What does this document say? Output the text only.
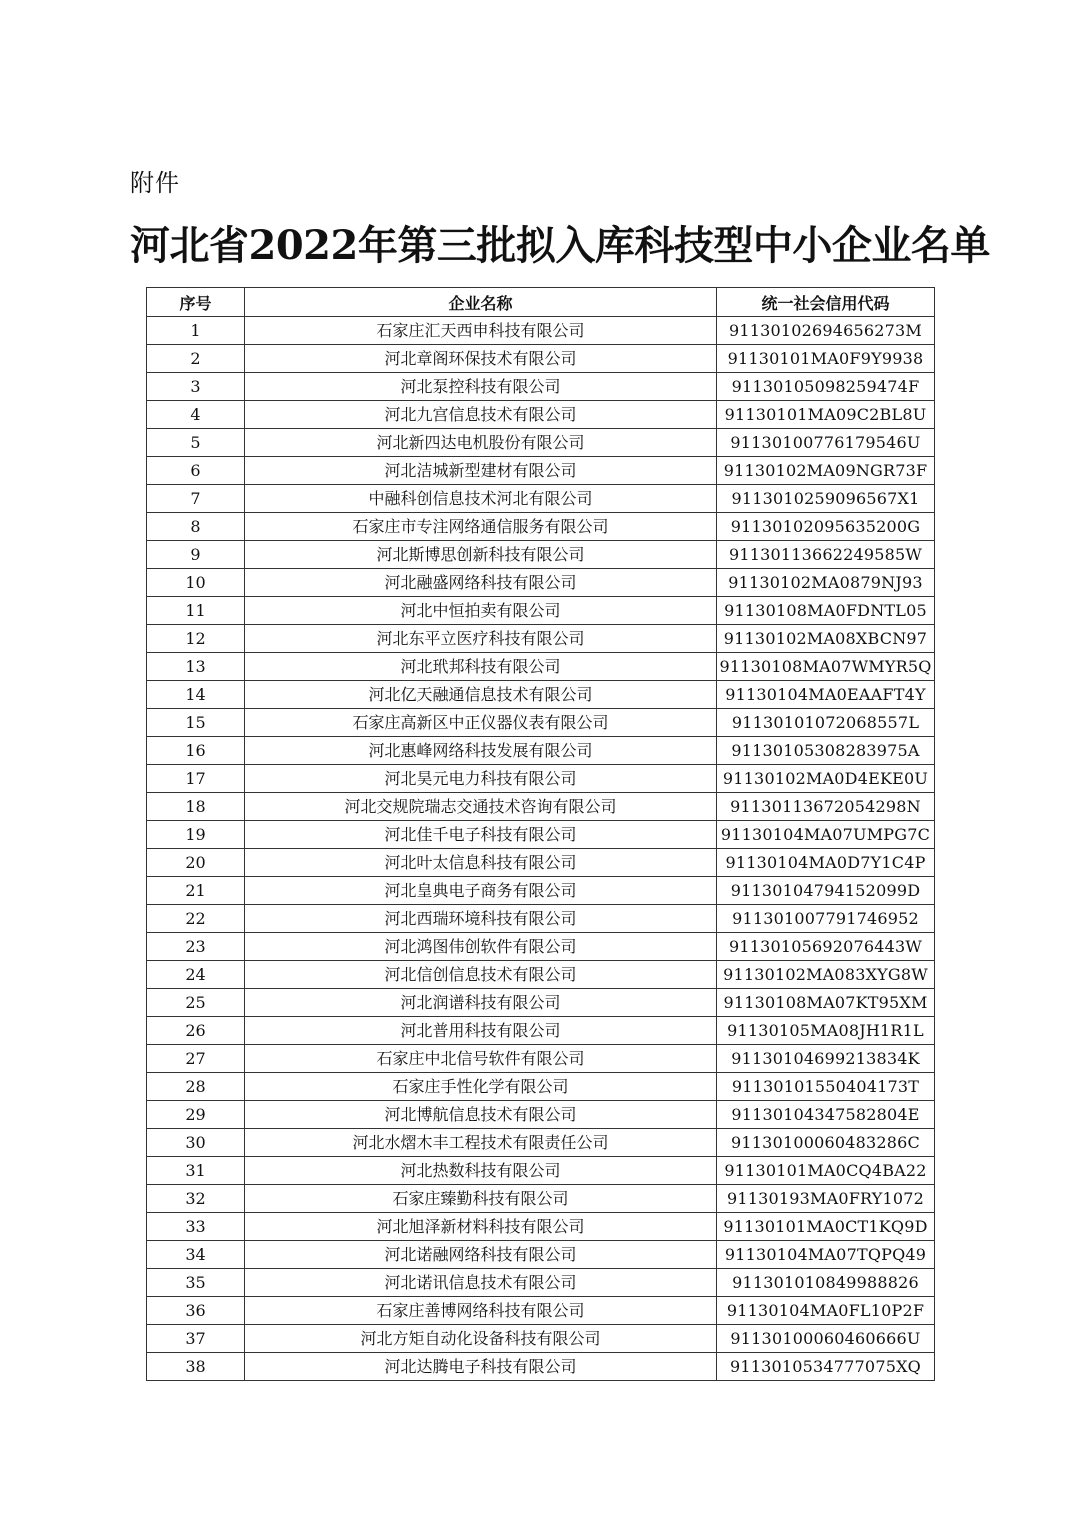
附件
河北省2022年第三批拟入库科技型中小企业名单
序号	企业名称	统一社会信用代码
1	石家庄汇天西申科技有限公司	91130102694656273M
2	河北章阁环保技术有限公司	91130101MA0F9Y9938
3	河北泵控科技有限公司	91130105098259474F
4	河北九宫信息技术有限公司	91130101MA09C2BL8U
5	河北新四达电机股份有限公司	91130100776179546U
6	河北洁城新型建材有限公司	91130102MA09NGR73F
7	中融科创信息技术河北有限公司	9113010259096567X1
8	石家庄市专注网络通信服务有限公司	91130102095635200G
9	河北斯博思创新科技有限公司	91130113662249585W
10	河北融盛网络科技有限公司	91130102MA0879NJ93
11	河北中恒拍卖有限公司	91130108MA0FDNTL05
12	河北东平立医疗科技有限公司	91130102MA08XBCN97
13	河北玳邦科技有限公司	91130108MA07WMYR5Q
14	河北亿天融通信息技术有限公司	91130104MA0EAAFT4Y
15	石家庄高新区中正仪器仪表有限公司	91130101072068557L
16	河北惠峰网络科技发展有限公司	91130105308283975A
17	河北昊元电力科技有限公司	91130102MA0D4EKE0U
18	河北交规院瑞志交通技术咨询有限公司	91130113672054298N
19	河北佳千电子科技有限公司	91130104MA07UMPG7C
20	河北叶太信息科技有限公司	91130104MA0D7Y1C4P
21	河北皇典电子商务有限公司	91130104794152099D
22	河北西瑞环境科技有限公司	911301007791746952
23	河北鸿图伟创软件有限公司	91130105692076443W
24	河北信创信息技术有限公司	91130102MA083XYG8W
25	河北润谱科技有限公司	91130108MA07KT95XM
26	河北普用科技有限公司	91130105MA08JH1R1L
27	石家庄中北信号软件有限公司	91130104699213834K
28	石家庄手性化学有限公司	91130101550404173T
29	河北博航信息技术有限公司	91130104347582804E
30	河北水熠木丰工程技术有限责任公司	91130100060483286C
31	河北热数科技有限公司	91130101MA0CQ4BA22
32	石家庄臻勤科技有限公司	91130193MA0FRY1072
33	河北旭泽新材料科技有限公司	91130101MA0CT1KQ9D
34	河北诺融网络科技有限公司	91130104MA07TQPQ49
35	河北诺讯信息技术有限公司	911301010849988826
36	石家庄善博网络科技有限公司	91130104MA0FL10P2F
37	河北方矩自动化设备科技有限公司	91130100060460666U
38	河北达腾电子科技有限公司	9113010534777075XQ
